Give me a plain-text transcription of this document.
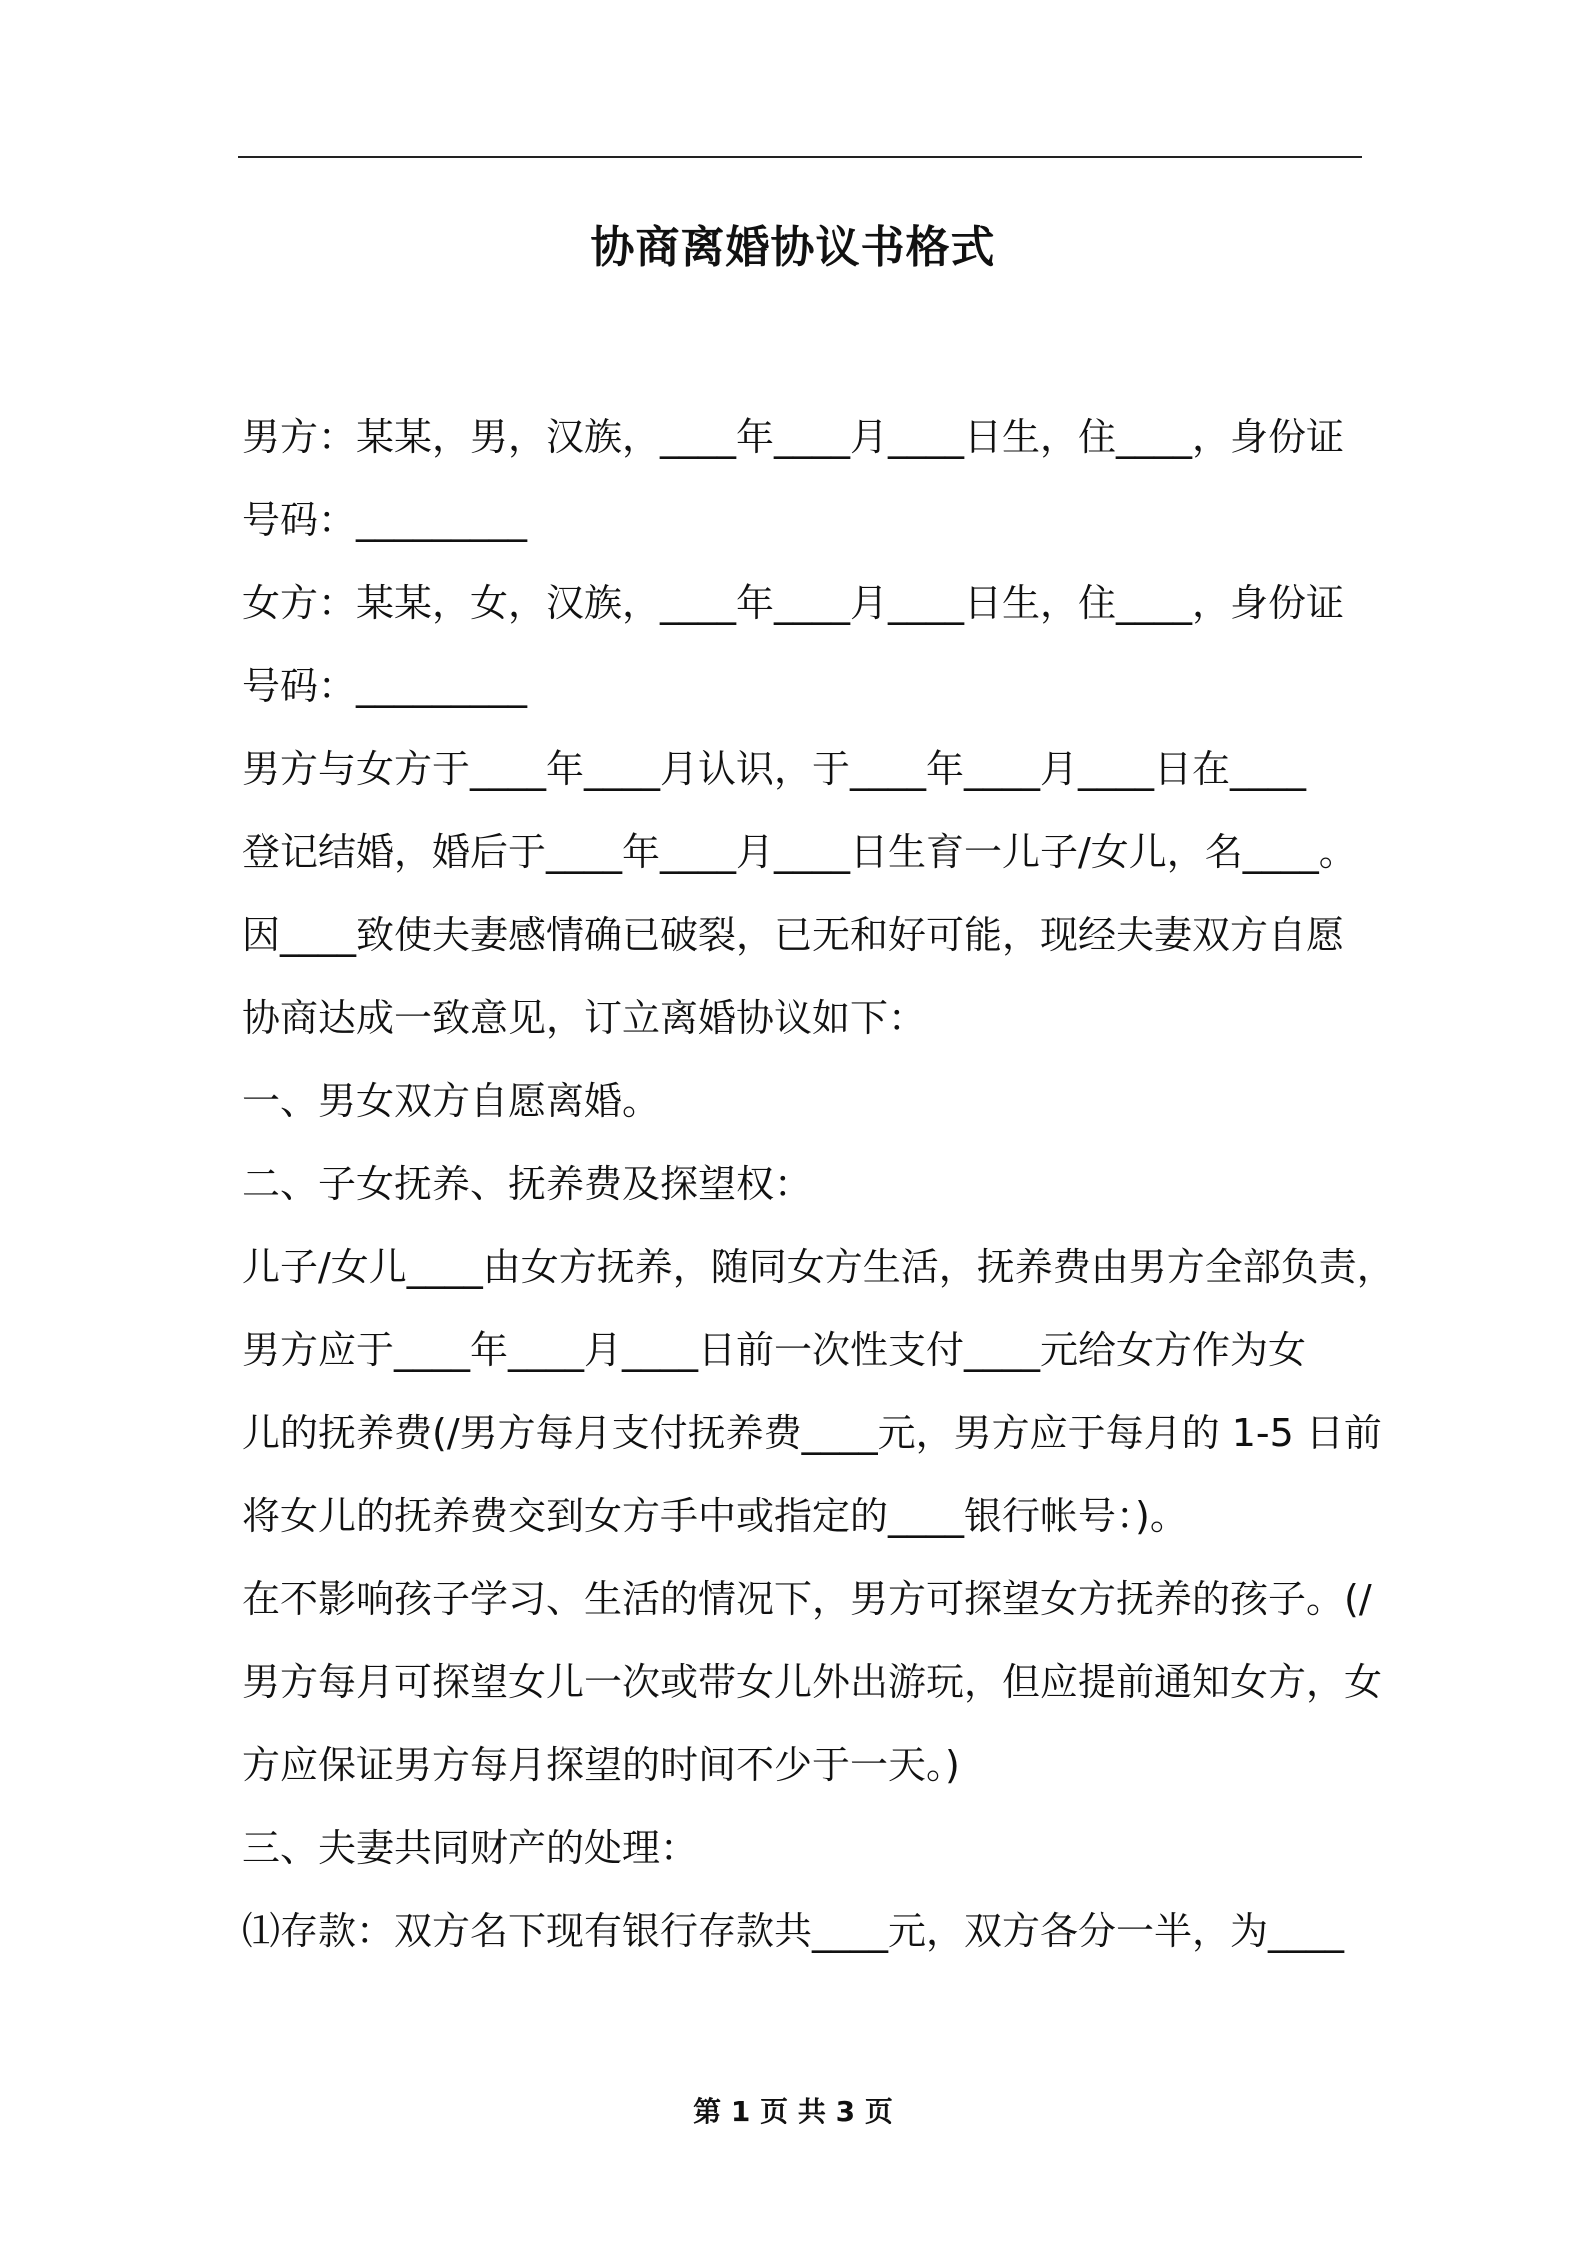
协商离婚协议书格式
男方：某某，男，汉族，____年____月____日生，住____，身份证
号码：_________
女方：某某，女，汉族，____年____月____日生，住____，身份证
号码：_________
男方与女方于____年____月认识，于____年____月____日在____
登记结婚，婚后于____年____月____日生育一儿子/女儿，名____。
因____致使夫妻感情确已破裂，已无和好可能，现经夫妻双方自愿
协商达成一致意见，订立离婚协议如下：
一、男女双方自愿离婚。
二、子女抚养、抚养费及探望权：
儿子/女儿____由女方抚养，随同女方生活，抚养费由男方全部负责，
男方应于____年____月____日前一次性支付____元给女方作为女
儿的抚养费(/男方每月支付抚养费____元，男方应于每月的 1-5 日前
将女儿的抚养费交到女方手中或指定的____银行帐号：)。
在不影响孩子学习、生活的情况下，男方可探望女方抚养的孩子。(/
男方每月可探望女儿一次或带女儿外出游玩，但应提前通知女方，女
方应保证男方每月探望的时间不少于一天。)
三、夫妻共同财产的处理：
⑴存款：双方名下现有银行存款共____元，双方各分一半，为____
第 1 页 共 3 页
